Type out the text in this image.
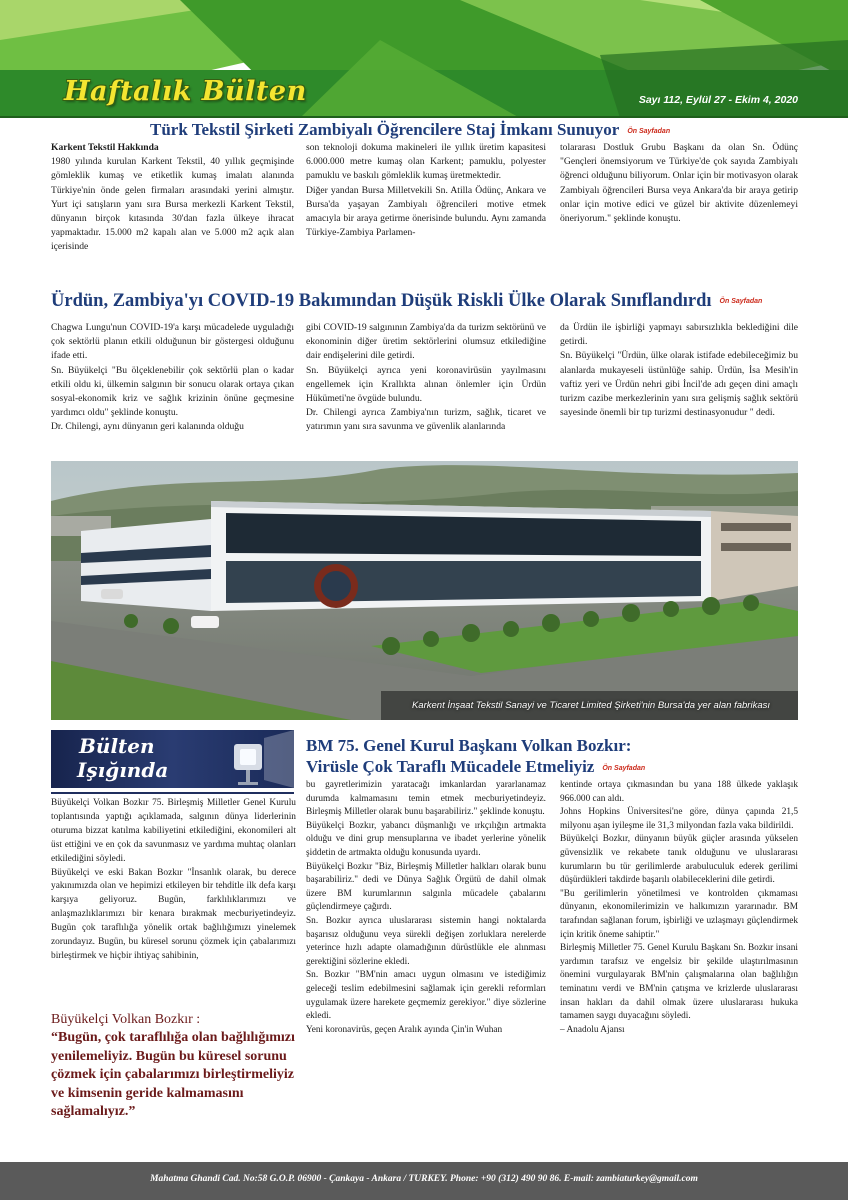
Haftalık Bülten	Sayı 112, Eylül 27 - Ekim 4, 2020
Türk Tekstil Şirketi Zambiyalı Öğrencilere Staj İmkanı Sunuyor Ön Sayfadan

Karkent Tekstil Hakkında

1980 yılında kurulan Karkent Tekstil, 40 yıllık geçmişinde gömleklik kumaş ve etiketlik kumaş imalatı alanında Türkiye'nin önde gelen firmaları arasındaki yerini almıştır. Yurt içi satışların yanı sıra Bursa merkezli Karkent Tekstil, dünyanın birçok kıtasında 30'dan fazla ülkeye ihracat yapmaktadır. 15.000 m2 kapalı alan ve 5.000 m2 açık alan içerisinde

son teknoloji dokuma makineleri ile yıllık üretim kapasitesi 6.000.000 metre kumaş olan Karkent; pamuklu, polyester pamuklu ve baskılı gömleklik kumaş üretmektedir.

Diğer yandan Bursa Milletvekili Sn. Atilla Ödünç, Ankara ve Bursa'da yaşayan Zambiyalı öğrencileri motive etmek amacıyla bir araya getirme önerisinde bulundu. Aynı zamanda Türkiye-Zambiya Parlamen-

tolararası Dostluk Grubu Başkanı da olan Sn. Ödünç "Gençleri önemsiyorum ve Türkiye'de çok sayıda Zambiyalı öğrenci olduğunu biliyorum. Onlar için bir motivasyon olarak Zambiyalı öğrencileri Bursa veya Ankara'da bir araya getirip onlar için motive edici ve güzel bir aktivite düzenlemeyi öneriyorum." şeklinde konuştu.

Ürdün, Zambiya'yı COVID-19 Bakımından Düşük Riskli Ülke Olarak Sınıflandırdı Ön Sayfadan

Chagwa Lungu'nun COVID-19'a karşı mücadelede uyguladığı çok sektörlü planın etkili olduğunun bir göstergesi olduğunu ifade etti.

Sn. Büyükelçi "Bu ölçeklenebilir çok sektörlü plan o kadar etkili oldu ki, ülkemin salgının bir sonucu olarak ortaya çıkan sosyal-ekonomik kriz ve sağlık krizinin önüne geçmesine yardımcı oldu" şeklinde konuştu.

Dr. Chilengi, aynı dünyanın geri kalanında olduğu

gibi COVID-19 salgınının Zambiya'da da turizm sektörünü ve ekonominin diğer üretim sektörlerini olumsuz etkilediğine dair endişelerini dile getirdi.

Sn. Büyükelçi ayrıca yeni koronavirüsün yayılmasını engellemek için Krallıkta alınan önlemler için Ürdün Hükümeti'ne övgüde bulundu.

Dr. Chilengi ayrıca Zambiya'nın turizm, sağlık, ticaret ve yatırımın yanı sıra savunma ve güvenlik alanlarında

da Ürdün ile işbirliği yapmayı sabırsızlıkla beklediğini dile getirdi.

Sn. Büyükelçi "Ürdün, ülke olarak istifade edebileceğimiz bu alanlarda mukayeseli üstünlüğe sahip. Ürdün, İsa Mesih'in vaftiz yeri ve Ürdün nehri gibi İncil'de adı geçen dini amaçlı turizm cazibe merkezlerinin yanı sıra gelişmiş sağlık sektörü sayesinde önemli bir tıp turizmi destinasyonudur " dedi.

Karkent İnşaat Tekstil Sanayi ve Ticaret Limited Şirketi'nin Bursa'da yer alan fabrikası
Bülten
Işığında
BM 75. Genel Kurul Başkanı Volkan Bozkır:
Virüsle Çok Taraflı Mücadele Etmeliyiz Ön Sayfadan

Büyükelçi Volkan Bozkır 75. Birleşmiş Milletler Genel Kurulu toplantısında yaptığı açıklamada, salgının dünya liderlerinin oturuma bizzat katılma kabiliyetini etkilediğini, ekonomileri alt üst ettiğini ve en çok da savunmasız ve yardıma muhtaç olanları etkilediğini söyledi.

Büyükelçi ve eski Bakan Bozkır "İnsanlık olarak, bu derece yakınımızda olan ve hepimizi etkileyen bir tehditle ilk defa karşı karşıya geliyoruz. Bugün, farklılıklarımızı ve anlaşmazlıklarımızı bir kenara bırakmak mecburiyetindeyiz. Bugün çok taraflılığa yönelik ortak bağlılığımızı yinelemek zorundayız. Bugün, bu küresel sorunu çözmek için çabalarımızı birleştirmek ve hiçbir ihtiyaç sahibinin,

Büyükelçi Volkan Bozkır :
“Bugün, çok taraflılığa olan bağlılığımızı yenilemeliyiz. Bugün bu küresel sorunu çözmek için çabalarımızı birleştirmeliyiz ve kimsenin geride kalmamasını sağlamalıyız.”

bu gayretlerimizin yaratacağı imkanlardan yararlanamaz durumda kalmamasını temin etmek mecburiyetindeyiz. Birleşmiş Milletler olarak bunu başarabiliriz." şeklinde konuştu.

Büyükelçi Bozkır, yabancı düşmanlığı ve ırkçılığın artmakta olduğu ve dini grup mensuplarına ve ibadet yerlerine yönelik şiddetin de artmakta olduğu konusunda uyardı.

Büyükelçi Bozkır "Biz, Birleşmiş Milletler halkları olarak bunu başarabiliriz." dedi ve Dünya Sağlık Örgütü de dahil olmak üzere BM kurumlarının salgınla mücadele çabalarını güçlendirmeye çağırdı.

Sn. Bozkır ayrıca uluslararası sistemin hangi noktalarda başarısız olduğunu veya sürekli değişen zorluklara nerelerde yeterince hızlı adapte olamadığının dürüstlükle ele alınması gerektiğini sözlerine ekledi.

Sn. Bozkır "BM'nin amacı uygun olmasını ve istediğimiz geleceği teslim edebilmesini sağlamak için gerekli reformları uygulamak üzere harekete geçmemiz gerekiyor." diye sözlerine ekledi.

Yeni koronavirüs, geçen Aralık ayında Çin'in Wuhan

kentinde ortaya çıkmasından bu yana 188 ülkede yaklaşık 966.000 can aldı.

Johns Hopkins Üniversitesi'ne göre, dünya çapında 21,5 milyonu aşan iyileşme ile 31,3 milyondan fazla vaka bildirildi.

Büyükelçi Bozkır, dünyanın büyük güçler arasında yükselen güvensizlik ve rekabete tanık olduğunu ve uluslararası kurumların bu tür gerilimlerde arabuluculuk ederek gerilimi düşürdükleri takdirde başarılı olabileceklerini dile getirdi.

"Bu gerilimlerin yönetilmesi ve kontrolden çıkmaması dünyanın, ekonomilerimizin ve halkımızın yararınadır. BM tarafından sağlanan forum, işbirliği ve uzlaşmayı güçlendirmek için kritik öneme sahiptir."

Birleşmiş Milletler 75. Genel Kurulu Başkanı Sn. Bozkır insani yardımın tarafsız ve engelsiz bir şekilde ulaştırılmasının önemini vurgulayarak BM'nin çalışmalarına olan bağlılığın teminatını verdi ve BM'nin çatışma ve krizlerde uluslararası insan hakları da dahil olmak üzere uluslararası hukuka tamamen saygı duyacağını söyledi.

– Anadolu Ajansı

Mahatma Ghandi Cad. No:58 G.O.P. 06900 - Çankaya - Ankara / TURKEY. Phone: +90 (312) 490 90 86. E-mail: zambiaturkey@gmail.com
